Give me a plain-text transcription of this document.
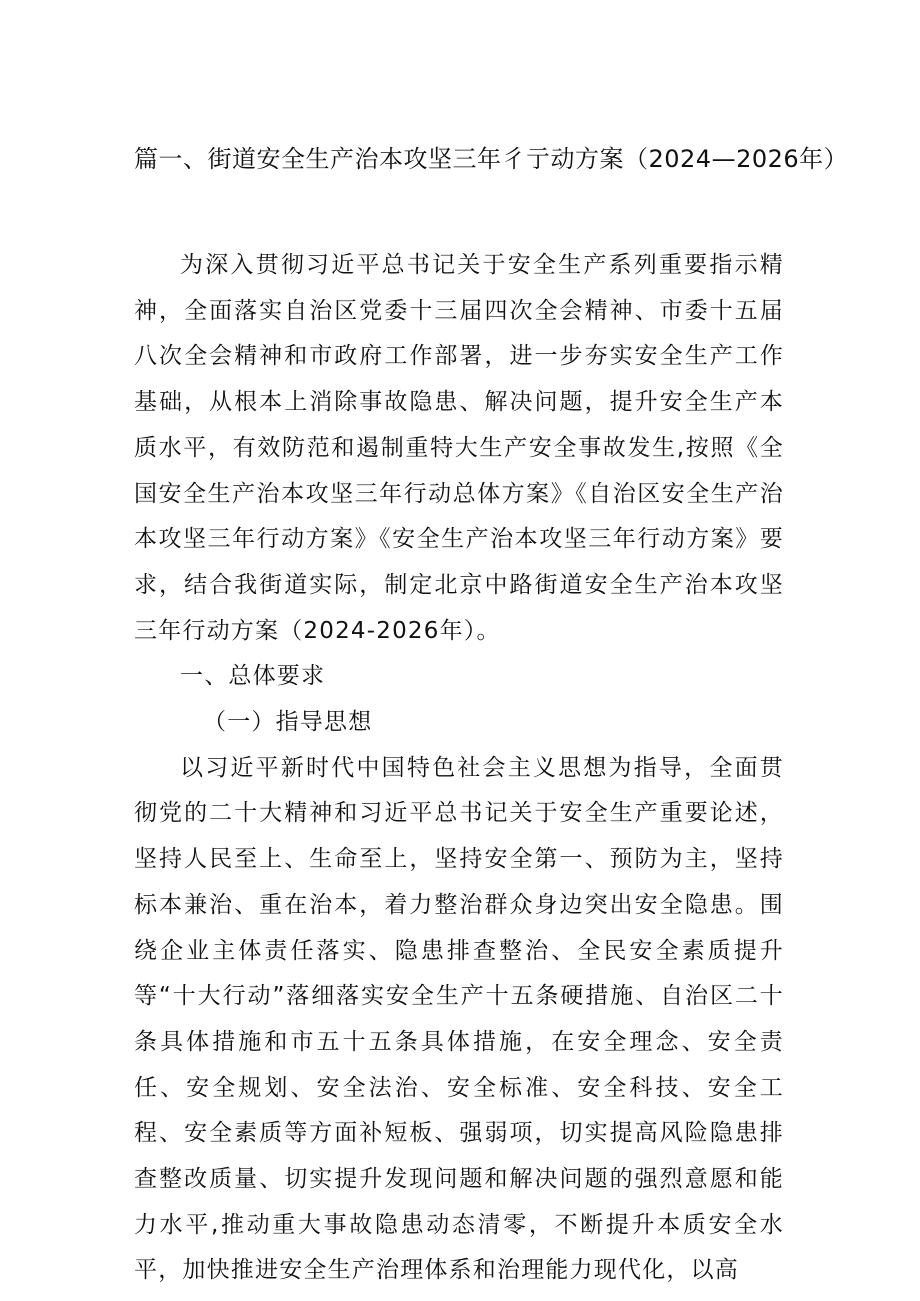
篇一、街道安全生产治本攻坚三年彳亍动方案（2024—2026年）

为深入贯彻习近平总书记关于安全生产系列重要指示精神，全面落实自治区党委十三届四次全会精神、市委十五届八次全会精神和市政府工作部署，进一步夯实安全生产工作基础，从根本上消除事故隐患、解决问题，提升安全生产本质水平，有效防范和遏制重特大生产安全事故发生,按照《全国安全生产治本攻坚三年行动总体方案》《自治区安全生产治本攻坚三年行动方案》《安全生产治本攻坚三年行动方案》要求，结合我街道实际，制定北京中路街道安全生产治本攻坚三年行动方案（2024-2026年）。

一、总体要求

（一）指导思想

以习近平新时代中国特色社会主义思想为指导，全面贯彻党的二十大精神和习近平总书记关于安全生产重要论述，坚持人民至上、生命至上，坚持安全第一、预防为主，坚持标本兼治、重在治本，着力整治群众身边突出安全隐患。围绕企业主体责任落实、隐患排查整治、全民安全素质提升等“十大行动”落细落实安全生产十五条硬措施、自治区二十条具体措施和市五十五条具体措施，在安全理念、安全责任、安全规划、安全法治、安全标准、安全科技、安全工程、安全素质等方面补短板、强弱项，切实提高风险隐患排查整改质量、切实提升发现问题和解决问题的强烈意愿和能力水平,推动重大事故隐患动态清零，不断提升本质安全水平，加快推进安全生产治理体系和治理能力现代化，以高
